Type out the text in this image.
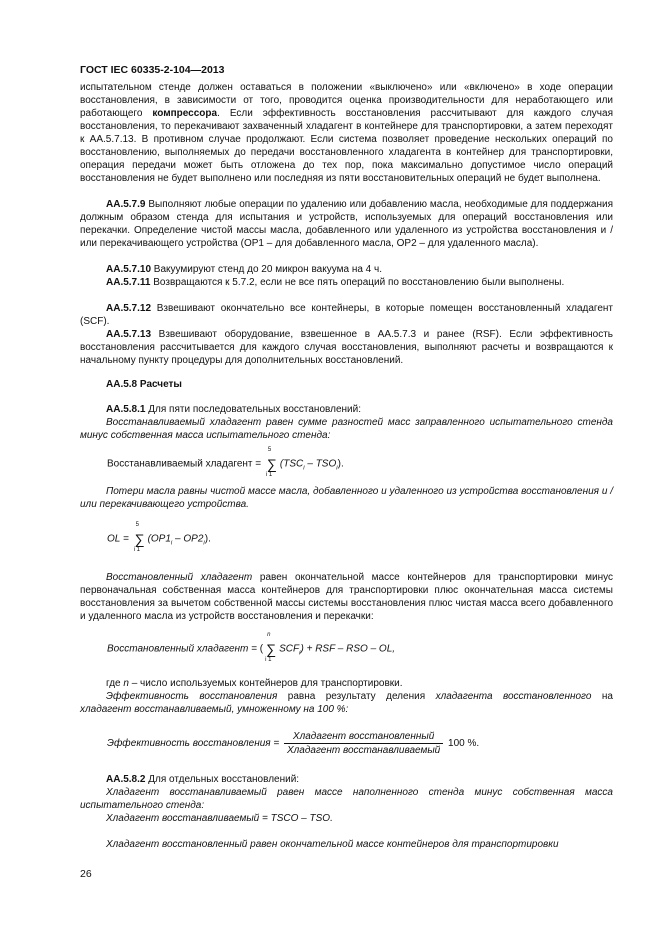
ГОСТ IEC 60335-2-104—2013

испытательном стенде должен оставаться в положении «выключено» или «включено» в ходе операции восстановления, в зависимости от того, проводится оценка производительности для неработающего или работающего компрессора. Если эффективность восстановления рассчитывают для каждого случая восстановления, то перекачивают захваченный хладагент в контейнере для транспортировки, а затем переходят к АА.5.7.13. В противном случае продолжают. Если система позволяет проведение нескольких операций по восстановлению, выполняемых до передачи восстановленного хладагента в контейнер для транспортировки, операция передачи может быть отложена до тех пор, пока максимально допустимое число операций восстановления не будет выполнено или последняя из пяти восстановительных операций не будет выполнена.

АА.5.7.9 Выполняют любые операции по удалению или добавлению масла, необходимые для поддержания должным образом стенда для испытания и устройств, используемых для операций восстановления или перекачки. Определение чистой массы масла, добавленного или удаленного из устройства восстановления и / или перекачивающего устройства (OP1 – для добавленного масла, OP2 – для удаленного масла).

АА.5.7.10 Вакуумируют стенд до 20 микрон вакуума на 4 ч.

АА.5.7.11 Возвращаются к 5.7.2, если не все пять операций по восстановлению были выполнены.

АА.5.7.12 Взвешивают окончательно все контейнеры, в которые помещен восстановленный хладагент (SCF).

АА.5.7.13 Взвешивают оборудование, взвешенное в АА.5.7.3 и ранее (RSF). Если эффективность восстановления рассчитывается для каждого случая восстановления, выполняют расчеты и возвращаются к начальному пункту процедуры для дополнительных восстановлений.

АА.5.8 Расчеты

АА.5.8.1 Для пяти последовательных восстановлений:

Восстанавливаемый хладагент равен сумме разностей масс заправленного испытательного стенда минус собственная масса испытательного стенда:

Восстанавливаемый хладагент = ∑
5
i 1
$(TSC_i - TSO_i)$.

Потери масла равны чистой массе масла, добавленного и удаленного из устройства восстановления и / или перекачивающего устройства.

OL = ∑
5
i 1
$(OP1_i - OP2_i)$.

Восстановленный хладагент равен окончательной массе контейнеров для транспортировки минус первоначальная собственная масса контейнеров для транспортировки плюс окончательная масса системы восстановления за вычетом собственной массы системы восстановления плюс чистая масса всего добавленного и удаленного масла из устройств восстановления и перекачки:

Восстановленный хладагент = ( ∑
n
i 1
$SCF_i$) + RSF – RSO – OL,

где n – число используемых контейнеров для транспортировки.

Эффективность восстановления равна результату деления хладагента восстановленного на хладагент восстанавливаемый, умноженному на 100 %:

Эффективность восстановления = $\frac{\text{Хладагент восстановленный}}{\text{Хладагент восстанавливаемый}} 100$ %.

АА.5.8.2 Для отдельных восстановлений:

Хладагент восстанавливаемый равен массе наполненного стенда минус собственная масса испытательного стенда:

Хладагент восстанавливаемый = TSCO – TSO.

Хладагент восстановленный равен окончательной массе контейнеров для транспортировки

26
